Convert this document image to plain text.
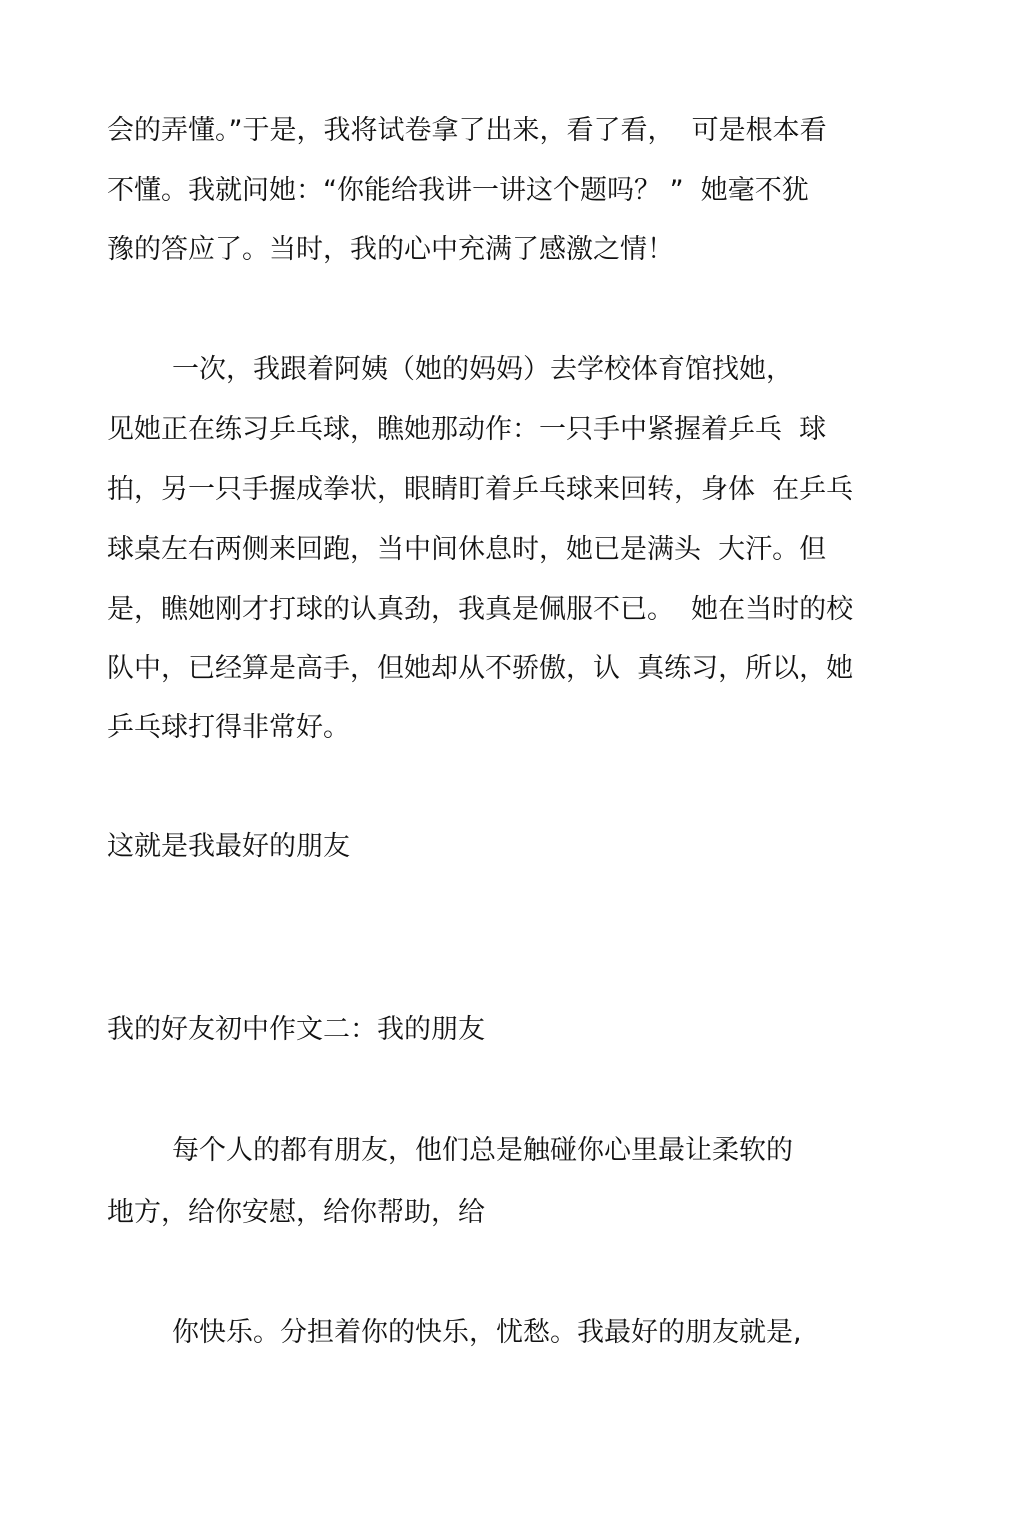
会的弄懂。”于是，我将试卷拿了出来，看了看，  可是根本看
不懂。我就问她：“你能给我讲一讲这个题吗？ ”  她毫不犹
豫的答应了。当时，我的心中充满了感激之情！
一次，我跟着阿姨（她的妈妈）去学校体育馆找她，
见她正在练习乒乓球，瞧她那动作：一只手中紧握着乒乓  球
拍，另一只手握成拳状，眼睛盯着乒乓球来回转，身体  在乒乓
球桌左右两侧来回跑，当中间休息时，她已是满头  大汗。但
是，瞧她刚才打球的认真劲，我真是佩服不已。  她在当时的校
队中，已经算是高手，但她却从不骄傲，认  真练习，所以，她
乒乓球打得非常好。
这就是我最好的朋友
我的好友初中作文二：我的朋友
每个人的都有朋友，他们总是触碰你心里最让柔软的
地方，给你安慰，给你帮助，给
你快乐。分担着你的快乐，忧愁。我最好的朋友就是,
